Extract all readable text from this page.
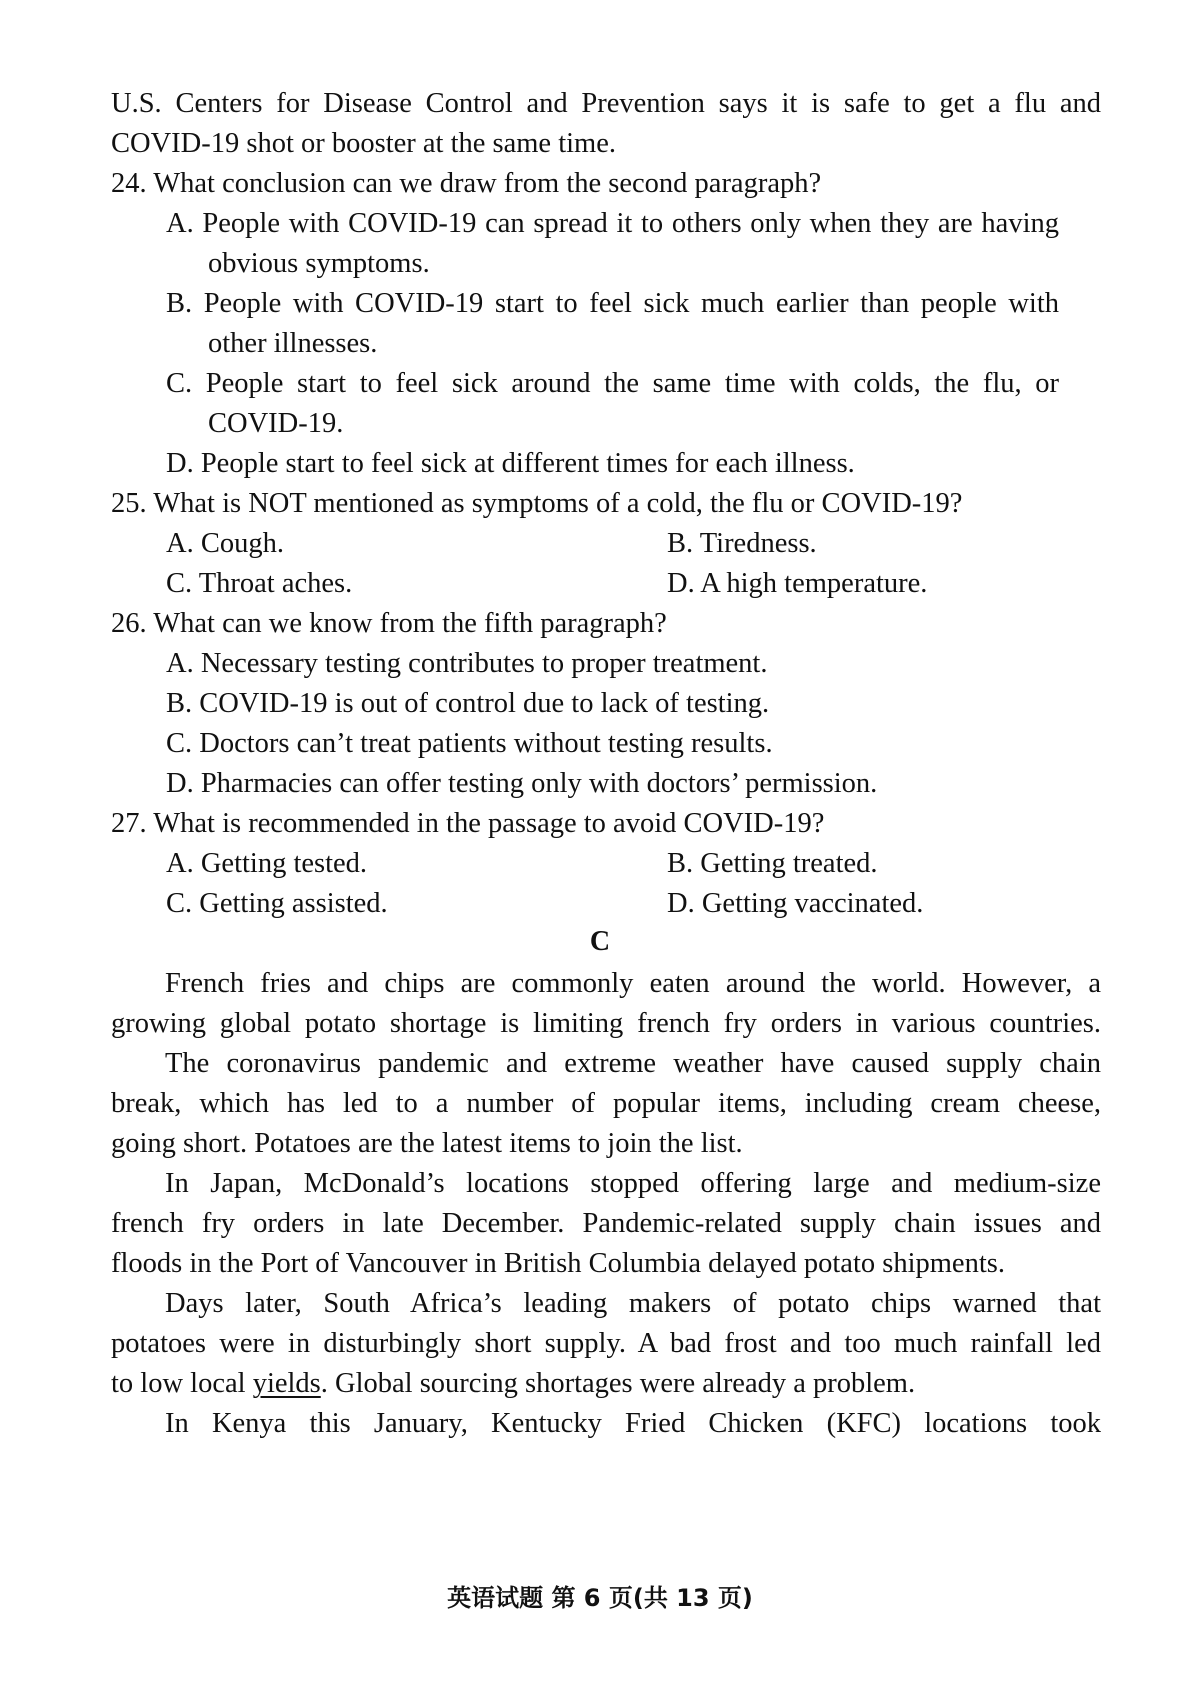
U.S. Centers for Disease Control and Prevention says it is safe to get a flu and
COVID-19 shot or booster at the same time.
24. What conclusion can we draw from the second paragraph?
A. People with COVID-19 can spread it to others only when they are having
obvious symptoms.
B. People with COVID-19 start to feel sick much earlier than people with
other illnesses.
C. People start to feel sick around the same time with colds, the flu, or
COVID-19.
D. People start to feel sick at different times for each illness.
25. What is NOT mentioned as symptoms of a cold, the flu or COVID-19?
A. Cough.	B. Tiredness.
C. Throat aches.	D. A high temperature.
26. What can we know from the fifth paragraph?
A. Necessary testing contributes to proper treatment.
B. COVID-19 is out of control due to lack of testing.
C. Doctors can’t treat patients without testing results.
D. Pharmacies can offer testing only with doctors’ permission.
27. What is recommended in the passage to avoid COVID-19?
A. Getting tested.	B. Getting treated.
C. Getting assisted.	D. Getting vaccinated.
C
French fries and chips are commonly eaten around the world. However, a
growing global potato shortage is limiting french fry orders in various countries.
The coronavirus pandemic and extreme weather have caused supply chain
break, which has led to a number of popular items, including cream cheese,
going short. Potatoes are the latest items to join the list.
In Japan, McDonald’s locations stopped offering large and medium-size
french fry orders in late December. Pandemic-related supply chain issues and
floods in the Port of Vancouver in British Columbia delayed potato shipments.
Days later, South Africa’s leading makers of potato chips warned that
potatoes were in disturbingly short supply. A bad frost and too much rainfall led
to low local yields. Global sourcing shortages were already a problem.
In Kenya this January, Kentucky Fried Chicken (KFC) locations took
英语试题 第 6 页(共 13 页)
